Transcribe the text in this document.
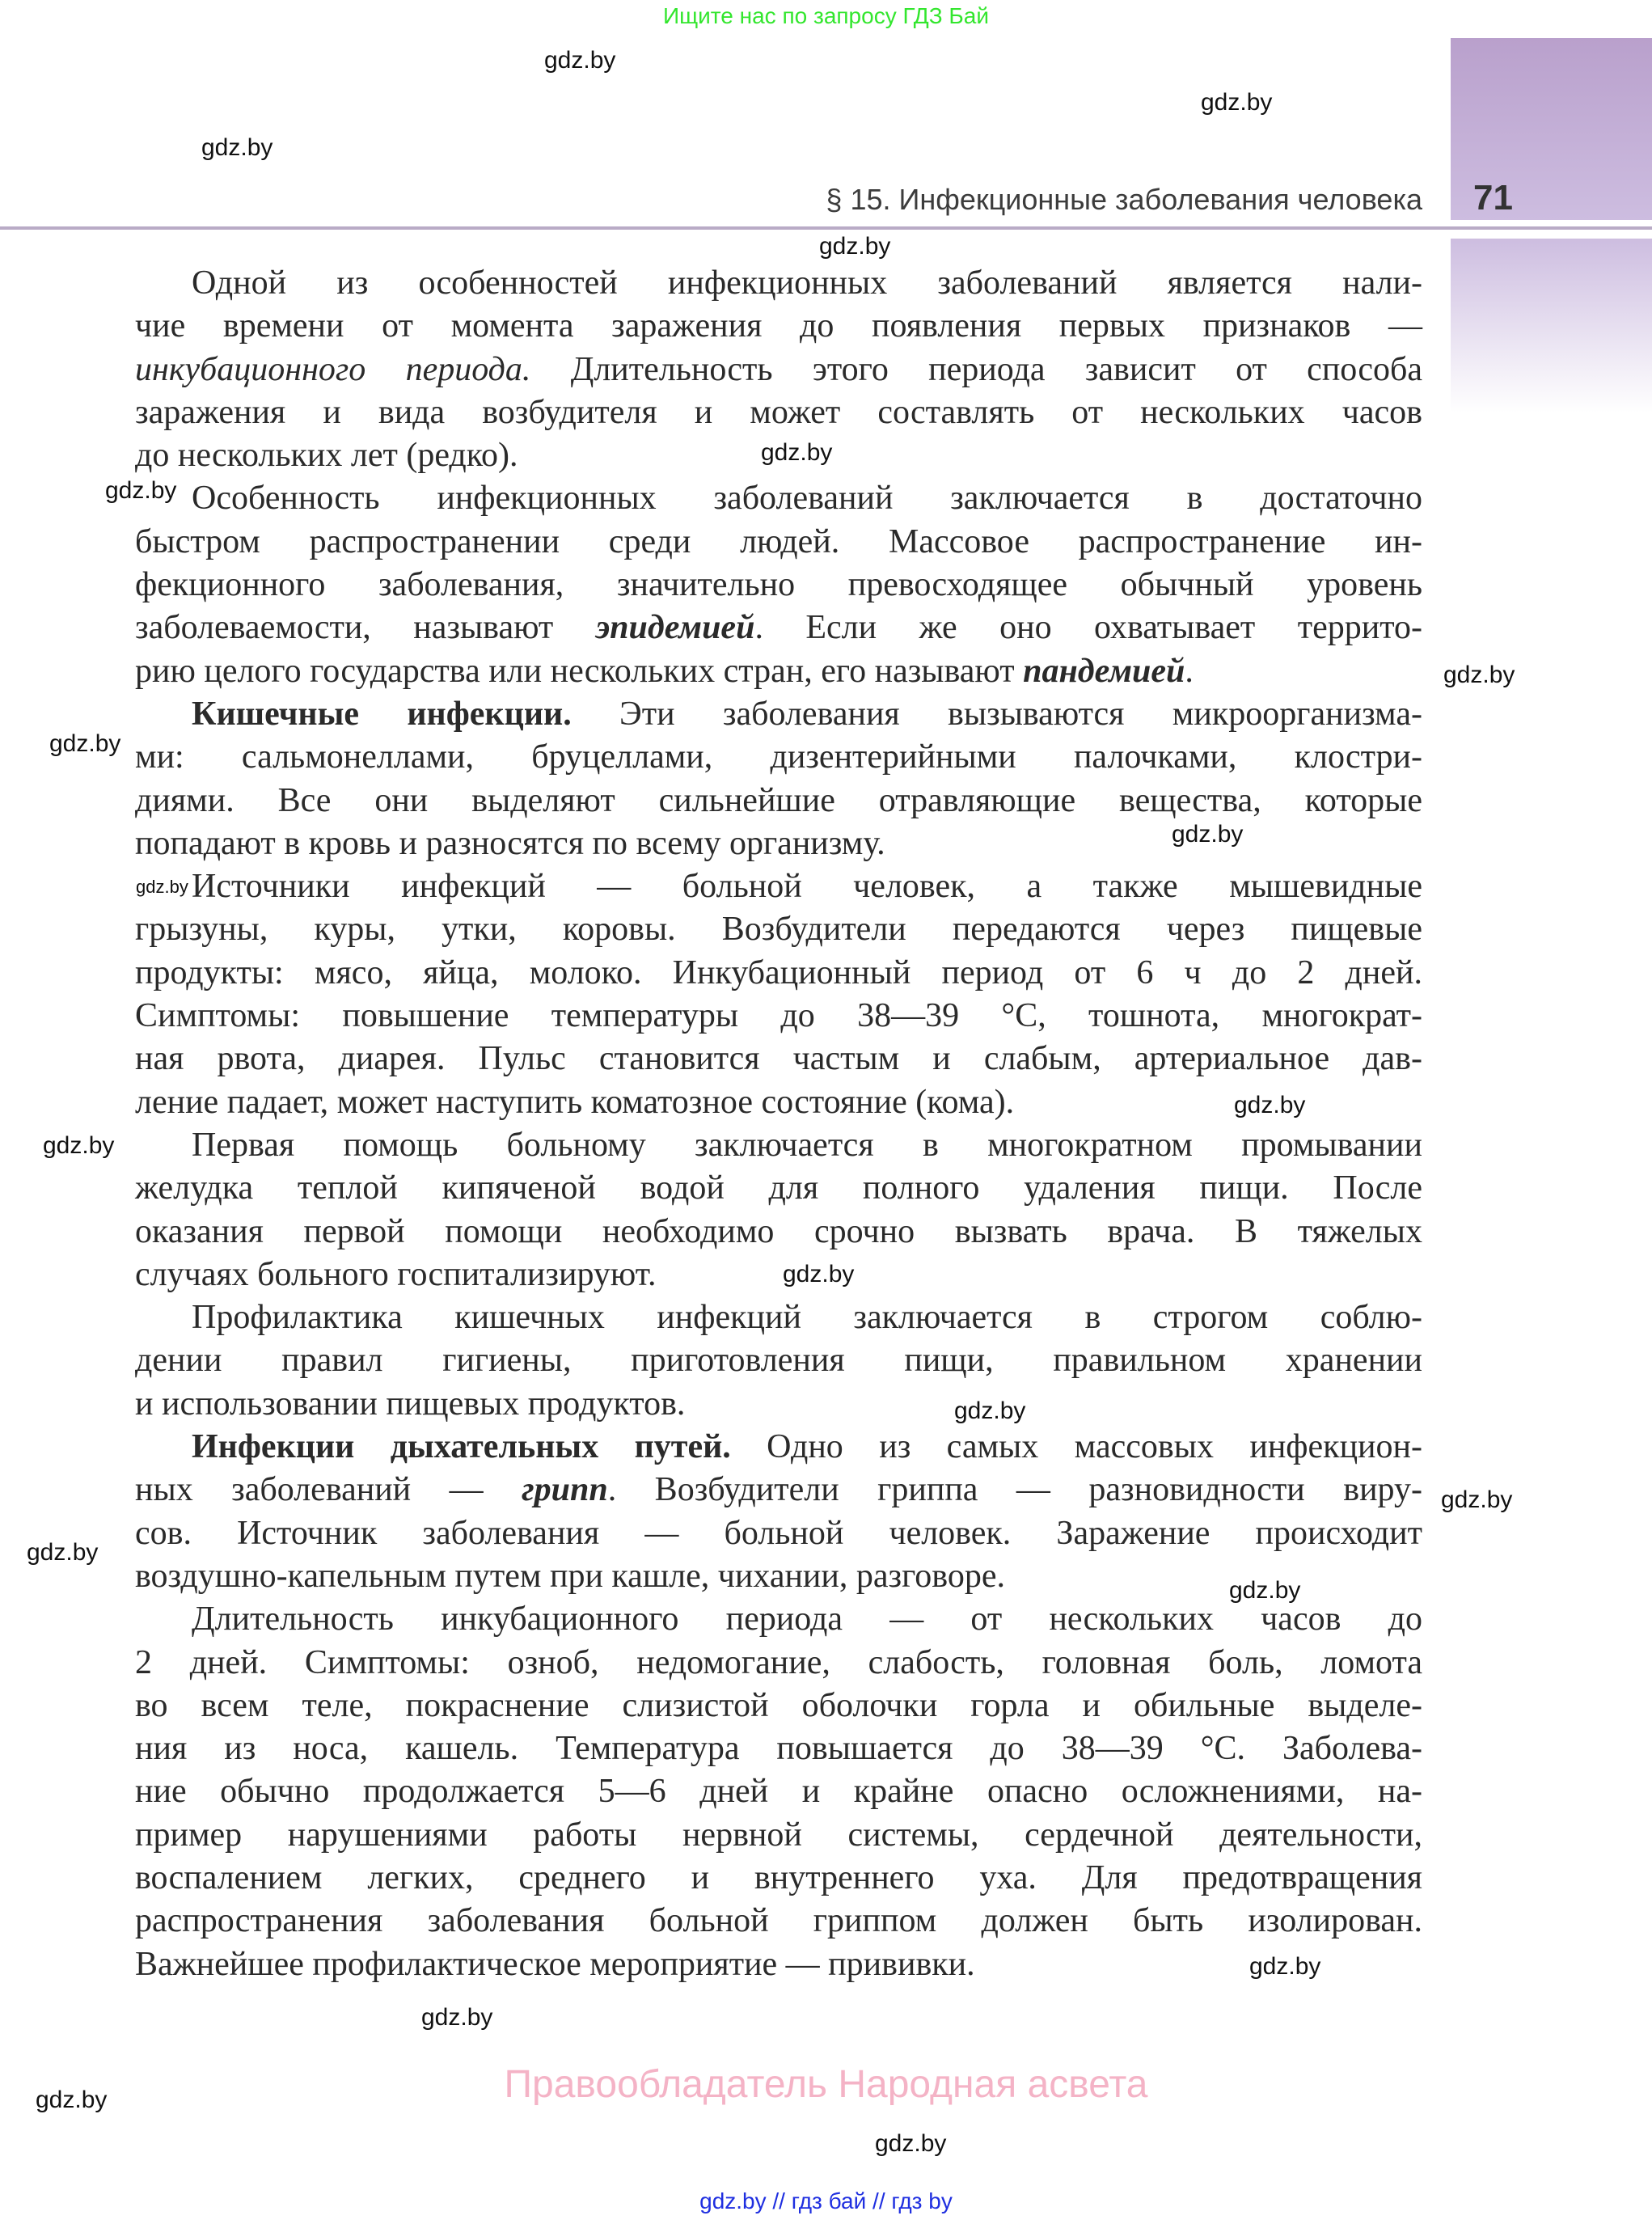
Ищите нас по запросу ГДЗ Бай
§ 15. Инфекционные заболевания человека 71
Одной из особенностей инфекционных заболеваний является нали-
чие времени от момента заражения до появления первых признаков —
инкубационного периода. Длительность этого периода зависит от способа
заражения и вида возбудителя и может составлять от нескольких часов
до нескольких лет (редко).
Особенность инфекционных заболеваний заключается в достаточно
быстром распространении среди людей. Массовое распространение ин-
фекционного заболевания, значительно превосходящее обычный уровень
заболеваемости, называют эпидемией. Если же оно охватывает террито-
рию целого государства или нескольких стран, его называют пандемией.
Кишечные инфекции. Эти заболевания вызываются микроорганизма-
ми: сальмонеллами, бруцеллами, дизентерийными палочками, клостри-
диями. Все они выделяют сильнейшие отравляющие вещества, которые
попадают в кровь и разносятся по всему организму.
Источники инфекций — больной человек, а также мышевидные
грызуны, куры, утки, коровы. Возбудители передаются через пищевые
продукты: мясо, яйца, молоко. Инкубационный период от 6 ч до 2 дней.
Симптомы: повышение температуры до 38—39 °С, тошнота, многократ-
ная рвота, диарея. Пульс становится частым и слабым, артериальное дав-
ление падает, может наступить коматозное состояние (кома).
Первая помощь больному заключается в многократном промывании
желудка теплой кипяченой водой для полного удаления пищи. После
оказания первой помощи необходимо срочно вызвать врача. В тяжелых
случаях больного госпитализируют.
Профилактика кишечных инфекций заключается в строгом соблю-
дении правил гигиены, приготовления пищи, правильном хранении
и использовании пищевых продуктов.
Инфекции дыхательных путей. Одно из самых массовых инфекцион-
ных заболеваний — грипп. Возбудители гриппа — разновидности виру-
сов. Источник заболевания — больной человек. Заражение происходит
воздушно-капельным путем при кашле, чихании, разговоре.
Длительность инкубационного периода — от нескольких часов до
2 дней. Симптомы: озноб, недомогание, слабость, головная боль, ломота
во всем теле, покраснение слизистой оболочки горла и обильные выделе-
ния из носа, кашель. Температура повышается до 38—39 °С. Заболева-
ние обычно продолжается 5—6 дней и крайне опасно осложнениями, на-
пример нарушениями работы нервной системы, сердечной деятельности,
воспалением легких, среднего и внутреннего уха. Для предотвращения
распространения заболевания больной гриппом должен быть изолирован.
Важнейшее профилактическое мероприятие — прививки.
gdz.by
gdz.by
gdz.by
gdz.by
gdz.by
gdz.by
gdz.by
gdz.by
gdz.by
gdz.by
gdz.by
gdz.by
gdz.by
gdz.by
gdz.by
gdz.by
gdz.by
gdz.by
gdz.by
gdz.by
gdz.by
Правообладатель Народная асвета
gdz.by // гдз бай // гдз by
